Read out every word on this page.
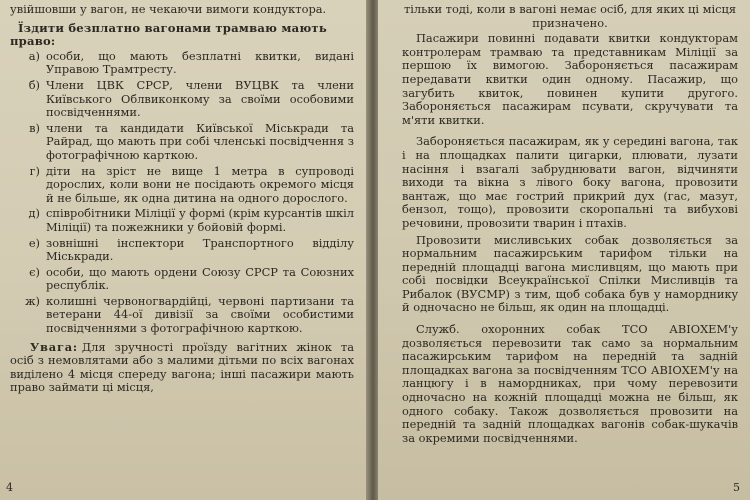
увійшовши у вагон, не чекаючи вимоги кондуктора.

Їздити безплатно вагонами трамваю мають право:

а) особи, що мають безплатні квитки, видані Управою Трамтресту.
б) Члени ЦВК СРСР, члени ВУЦВК та члени Київського Облвиконкому за своїми особовими посвідченнями.
в) члени та кандидати Київської Міськради та Райрад, що мають при собі членські посвідчення з фотографічною карткою.
г) діти на зріст не вище 1 метра в супроводі дорослих, коли вони не посідають окремого місця й не більше, як одна дитина на одного дорослого.
д) співробітники Міліції у формі (крім курсантів шкіл Міліції) та пожежники у бойовій формі.
е) зовнішні інспектори Транспортного відділу Міськради.
є) особи, що мають ордени Союзу СРСР та Союзних республік.
ж) колишні червоногвардійці, червоні партизани та ветерани 44-ої дивізії за своїми особистими посвідченнями з фотографічною карткою.

Увага: Для зручності проїзду вагітних жінок та осіб з немовлятами або з малими дітьми по всіх вагонах виділено 4 місця спереду вагона; інші пасажири мають право займати ці місця,

4

тільки тоді, коли в вагоні немає осіб, для яких ці місця призначено.

Пасажири повинні подавати квитки кондукторам контролерам трамваю та представникам Міліції за першою їх вимогою. Забороняється пасажирам передавати квитки один одному. Пасажир, що загубить квиток, повинен купити другого. Забороняється пасажирам псувати, скручувати та м'яти квитки.

Забороняється пасажирам, як у середині вагона, так і на площадках палити цигарки, плювати, лузати насіння і взагалі забруднювати вагон, відчиняти виходи та вікна з лівого боку вагона, провозити вантаж, що має гострий прикрий дух (гас, мазут, бензол, тощо), провозити скоропальні та вибухові речовини, провозити тварин і птахів.

Провозити мисливських собак дозволяється за нормальним пасажирським тарифом тільки на передній площадці вагона мисливцям, що мають при собі посвідки Всеукраїнської Спілки Мисливців та Рибалок (ВУСМР) з тим, щоб собака був у намордникy й одночасно не більш, як один на площадці.

Служб. охоронних собак ТСО АВІОХЕМ'у дозволяється перевозити так само за нормальним пасажирським тарифом на передній та задній площадках вагона за посвідченням ТСО АВІОХЕМ'у на ланцюгу і в намордниках, при чому перевозити одночасно на кожній площадці можна не більш, як одного собаку. Також дозволяється провозити на передній та задній площадках вагонів собак-шукачів за окремими посвідченнями.

5
